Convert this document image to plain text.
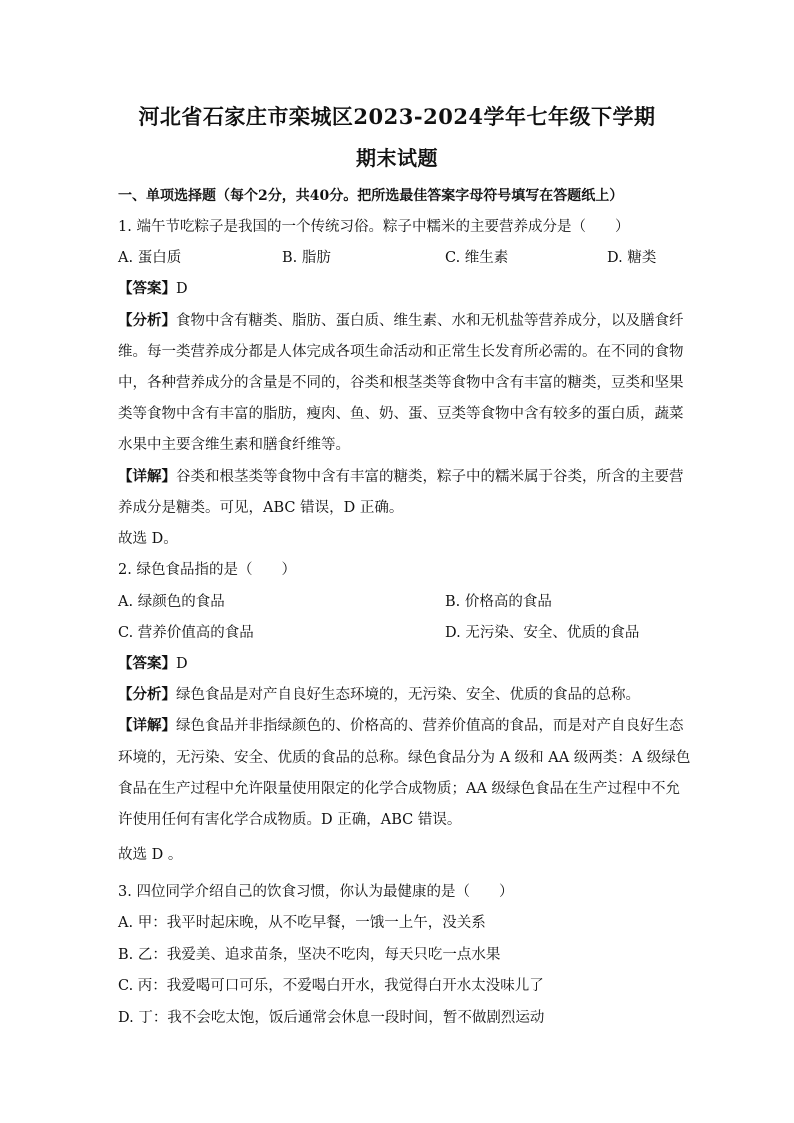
河北省石家庄市栾城区2023-2024学年七年级下学期
期末试题
一、单项选择题（每个2分，共40分。把所选最佳答案字母符号填写在答题纸上）
1. 端午节吃粽子是我国的一个传统习俗。粽子中糯米的主要营养成分是（　　）
A. 蛋白质	B. 脂肪	C. 维生素	D. 糖类
【答案】D
【分析】食物中含有糖类、脂肪、蛋白质、维生素、水和无机盐等营养成分，以及膳食纤
维。每一类营养成分都是人体完成各项生命活动和正常生长发育所必需的。在不同的食物
中，各种营养成分的含量是不同的，谷类和根茎类等食物中含有丰富的糖类，豆类和坚果
类等食物中含有丰富的脂肪，瘦肉、鱼、奶、蛋、豆类等食物中含有较多的蛋白质，蔬菜
水果中主要含维生素和膳食纤维等。
【详解】谷类和根茎类等食物中含有丰富的糖类，粽子中的糯米属于谷类，所含的主要营
养成分是糖类。可见，ABC 错误，D 正确。
故选 D。
2. 绿色食品指的是（　　）
A. 绿颜色的食品	B. 价格高的食品
C. 营养价值高的食品	D. 无污染、安全、优质的食品
【答案】D
【分析】绿色食品是对产自良好生态环境的，无污染、安全、优质的食品的总称。
【详解】绿色食品并非指绿颜色的、价格高的、营养价值高的食品，而是对产自良好生态
环境的，无污染、安全、优质的食品的总称。绿色食品分为 A 级和 AA 级两类：A 级绿色
食品在生产过程中允许限量使用限定的化学合成物质；AA 级绿色食品在生产过程中不允
许使用任何有害化学合成物质。D 正确，ABC 错误。
故选 D 。
3. 四位同学介绍自己的饮食习惯，你认为最健康的是（　　）
A. 甲：我平时起床晚，从不吃早餐，一饿一上午，没关系
B. 乙：我爱美、追求苗条，坚决不吃肉，每天只吃一点水果
C. 丙：我爱喝可口可乐，不爱喝白开水，我觉得白开水太没味儿了
D. 丁：我不会吃太饱，饭后通常会休息一段时间，暂不做剧烈运动
